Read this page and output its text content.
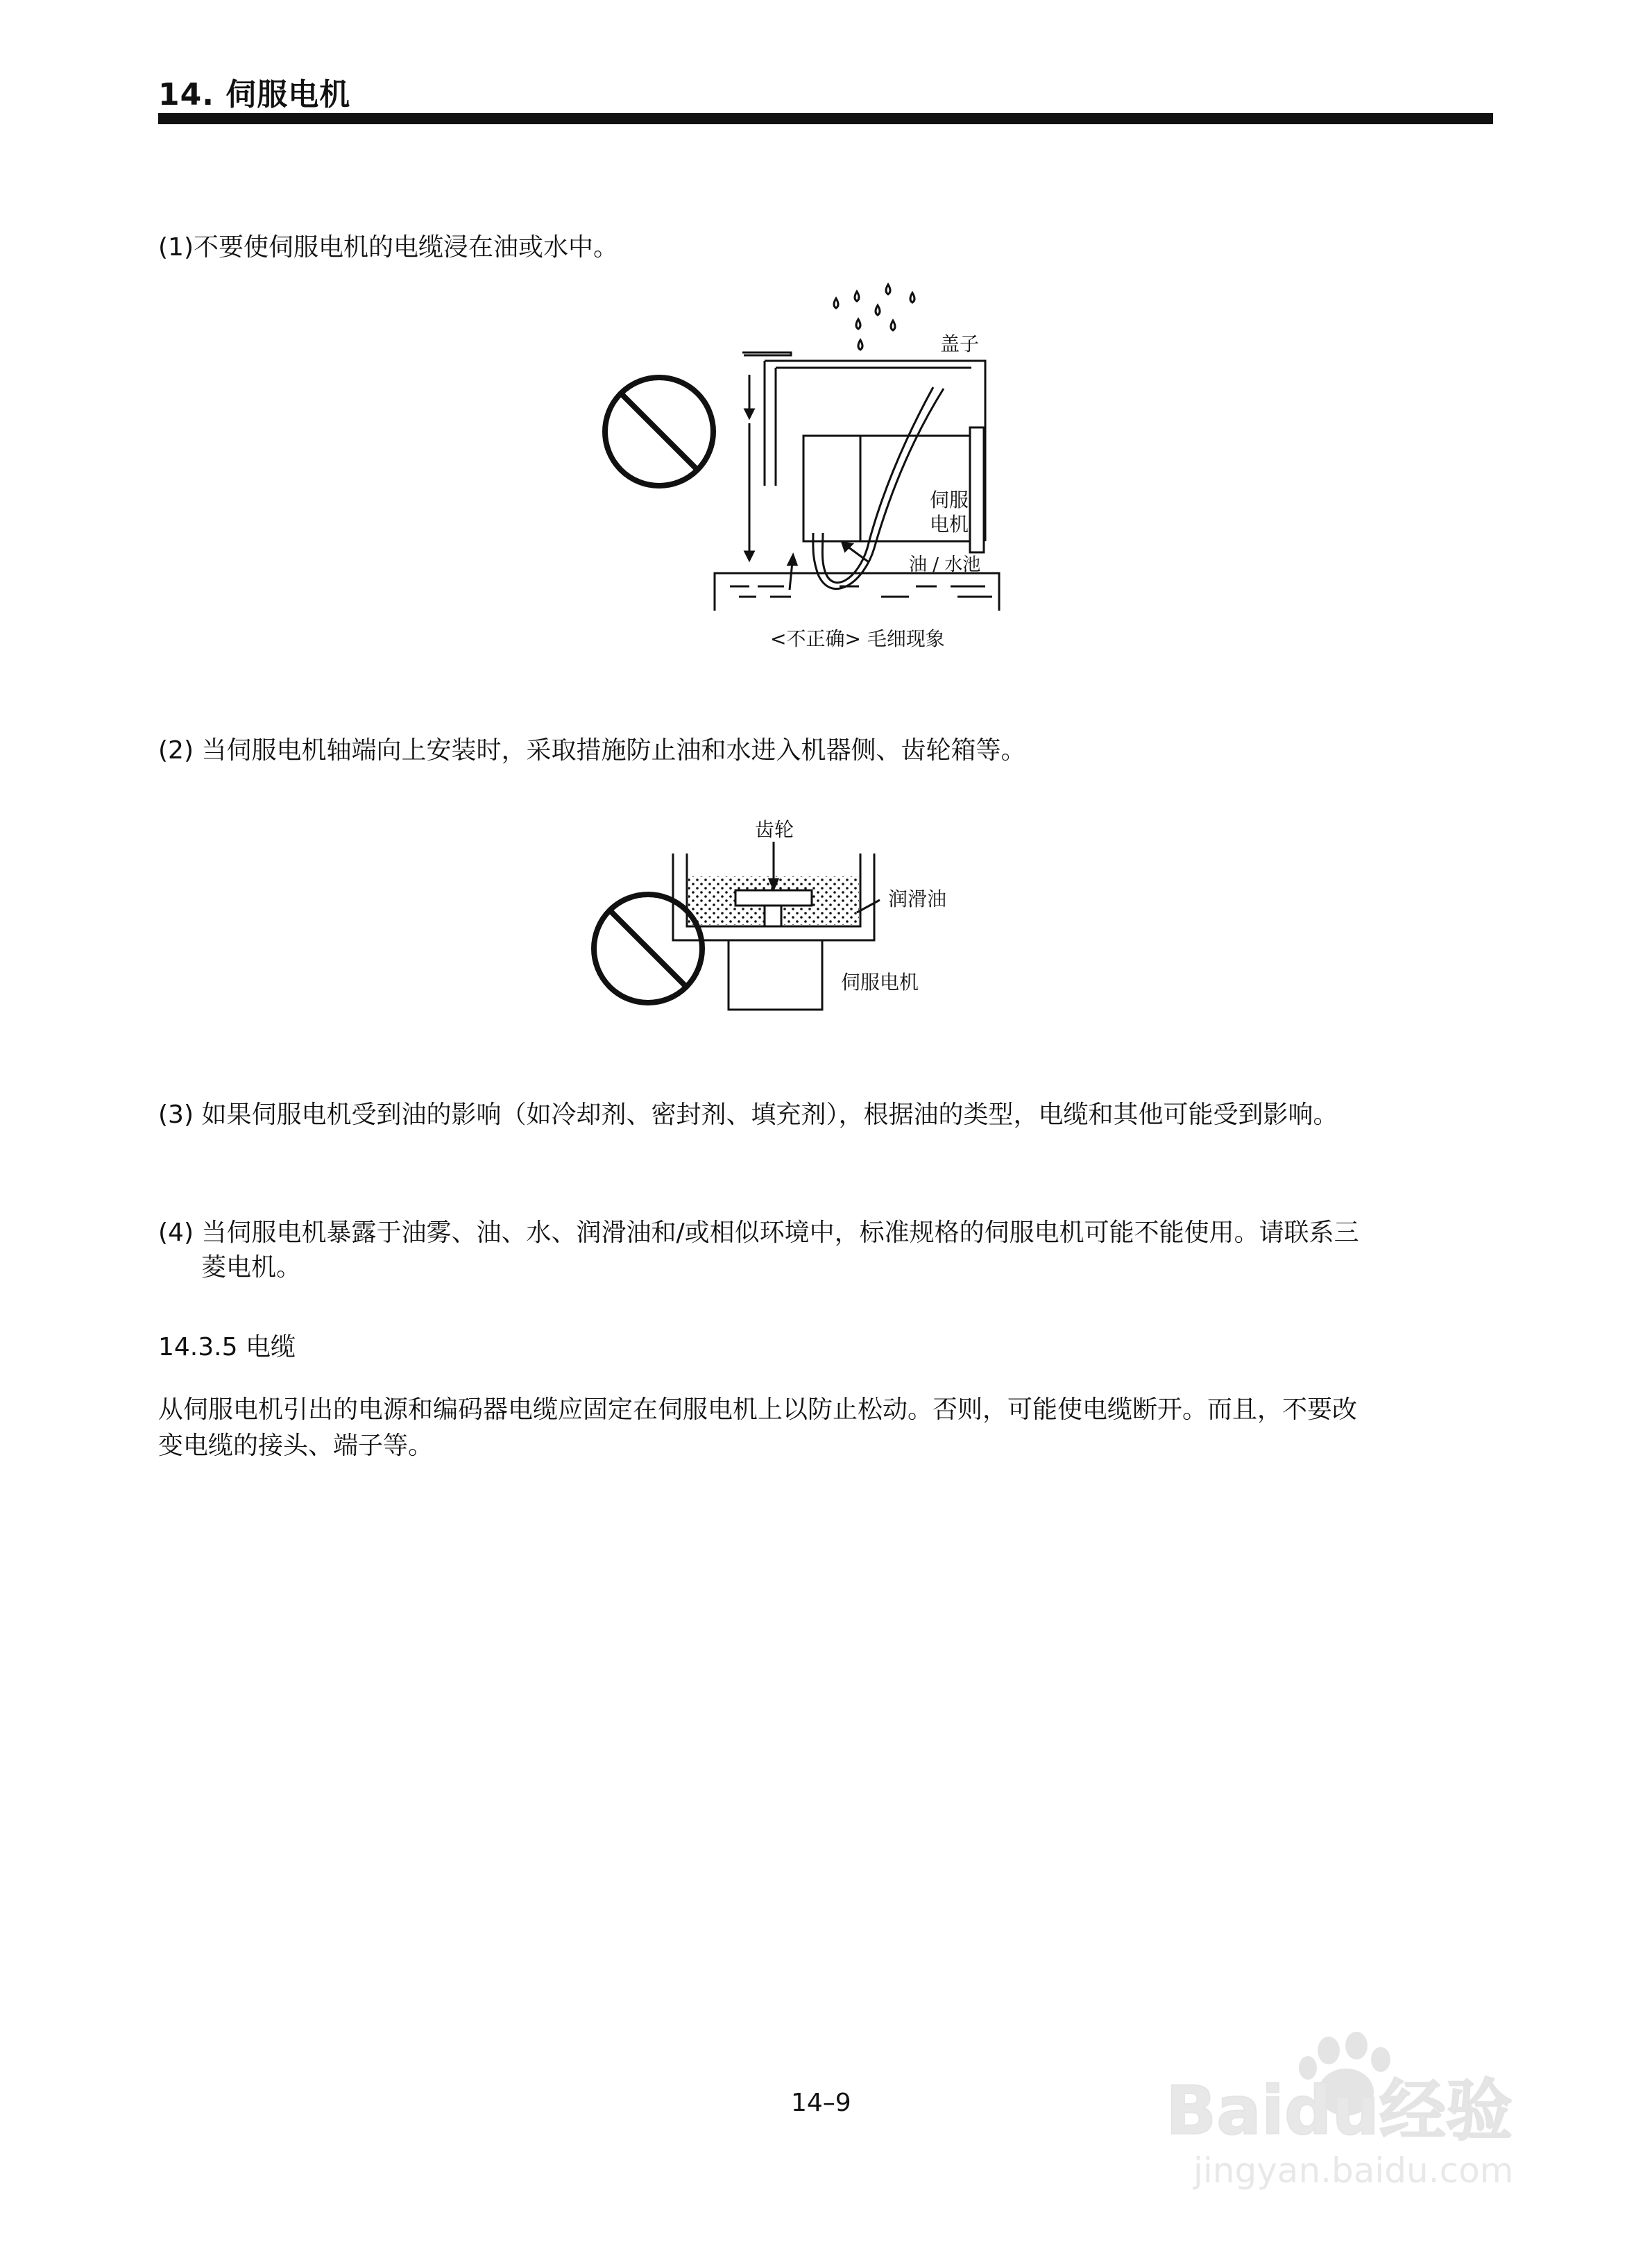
14. 伺服电机
(1)不要使伺服电机的电缆浸在油或水中。
盖子
伺服
电机
油 / 水池
<不正确> 毛细现象
(2) 当伺服电机轴端向上安装时，采取措施防止油和水进入机器侧、齿轮箱等。
齿轮
润滑油
伺服电机
(3) 如果伺服电机受到油的影响（如冷却剂、密封剂、填充剂），根据油的类型，电缆和其他可能受到影响。
(4) 当伺服电机暴露于油雾、油、水、润滑油和/或相似环境中，标准规格的伺服电机可能不能使用。请联系三
菱电机。
14.3.5 电缆
从伺服电机引出的电源和编码器电缆应固定在伺服电机上以防止松动。否则，可能使电缆断开。而且，不要改
变电缆的接头、端子等。
14–9	Baidu经验
jingyan.baidu.com
